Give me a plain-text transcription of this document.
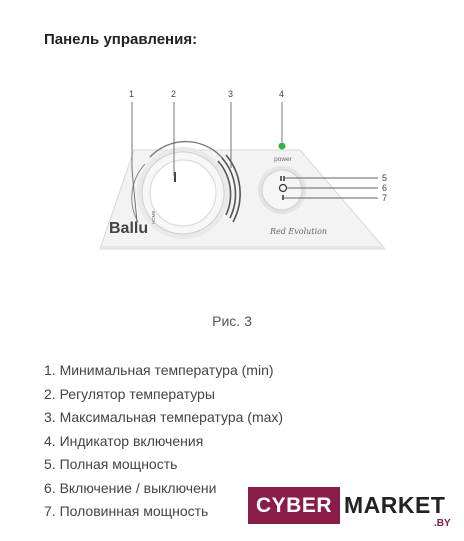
Панель управления:
power
Ballu
HOME
Red Evolution
1	2	3	4
5
6
7
Рис. 3
1. Минимальная температура (min)
2. Регулятор температуры
3. Максимальная температура (max)
4. Индикатор включения
5. Полная мощность
6. Включение / выключени
7. Половинная мощность	CYBER MARKET
.BY
